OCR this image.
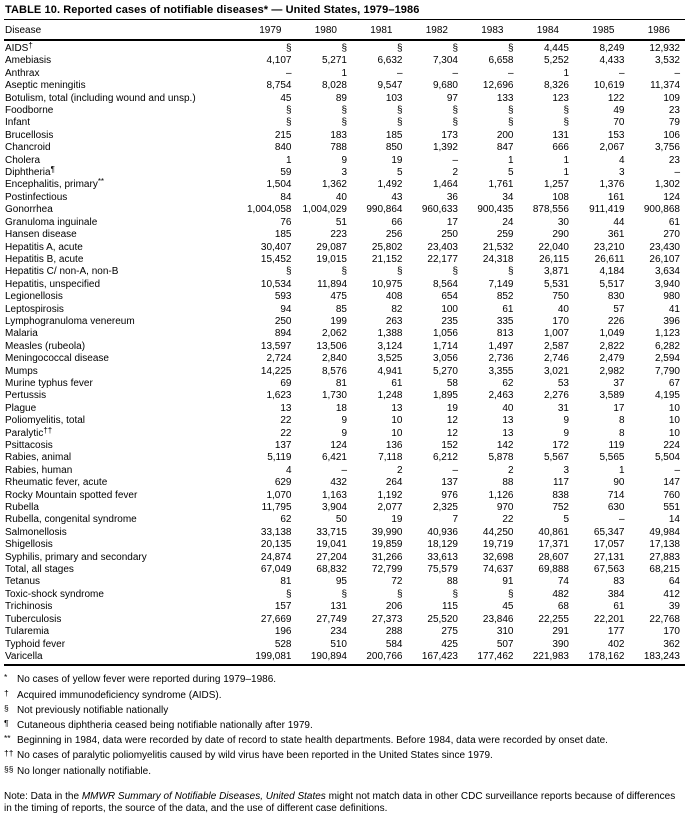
TABLE 10. Reported cases of notifiable diseases* — United States, 1979–1986
Disease	1979	1980	1981	1982	1983	1984	1985	1986
AIDS†	§	§	§	§	§	4,445	8,249	12,932
Amebiasis	4,107	5,271	6,632	7,304	6,658	5,252	4,433	3,532
Anthrax	–	1	–	–	–	1	–	–
Aseptic meningitis	8,754	8,028	9,547	9,680	12,696	8,326	10,619	11,374
Botulism, total (including wound and unsp.)	45	89	103	97	133	123	122	109
Foodborne	§	§	§	§	§	§	49	23
Infant	§	§	§	§	§	§	70	79
Brucellosis	215	183	185	173	200	131	153	106
Chancroid	840	788	850	1,392	847	666	2,067	3,756
Cholera	1	9	19	–	1	1	4	23
Diphtheria¶	59	3	5	2	5	1	3	–
Encephalitis, primary**	1,504	1,362	1,492	1,464	1,761	1,257	1,376	1,302
Postinfectious	84	40	43	36	34	108	161	124
Gonorrhea	1,004,058	1,004,029	990,864	960,633	900,435	878,556	911,419	900,868
Granuloma inguinale	76	51	66	17	24	30	44	61
Hansen disease	185	223	256	250	259	290	361	270
Hepatitis A, acute	30,407	29,087	25,802	23,403	21,532	22,040	23,210	23,430
Hepatitis B, acute	15,452	19,015	21,152	22,177	24,318	26,115	26,611	26,107
Hepatitis C/ non-A, non-B	§	§	§	§	§	3,871	4,184	3,634
Hepatitis, unspecified	10,534	11,894	10,975	8,564	7,149	5,531	5,517	3,940
Legionellosis	593	475	408	654	852	750	830	980
Leptospirosis	94	85	82	100	61	40	57	41
Lymphogranuloma venereum	250	199	263	235	335	170	226	396
Malaria	894	2,062	1,388	1,056	813	1,007	1,049	1,123
Measles (rubeola)	13,597	13,506	3,124	1,714	1,497	2,587	2,822	6,282
Meningococcal disease	2,724	2,840	3,525	3,056	2,736	2,746	2,479	2,594
Mumps	14,225	8,576	4,941	5,270	3,355	3,021	2,982	7,790
Murine typhus fever	69	81	61	58	62	53	37	67
Pertussis	1,623	1,730	1,248	1,895	2,463	2,276	3,589	4,195
Plague	13	18	13	19	40	31	17	10
Poliomyelitis, total	22	9	10	12	13	9	8	10
Paralytic††	22	9	10	12	13	9	8	10
Psittacosis	137	124	136	152	142	172	119	224
Rabies, animal	5,119	6,421	7,118	6,212	5,878	5,567	5,565	5,504
Rabies, human	4	–	2	–	2	3	1	–
Rheumatic fever, acute	629	432	264	137	88	117	90	147
Rocky Mountain spotted fever	1,070	1,163	1,192	976	1,126	838	714	760
Rubella	11,795	3,904	2,077	2,325	970	752	630	551
Rubella, congenital syndrome	62	50	19	7	22	5	–	14
Salmonellosis	33,138	33,715	39,990	40,936	44,250	40,861	65,347	49,984
Shigellosis	20,135	19,041	19,859	18,129	19,719	17,371	17,057	17,138
Syphilis, primary and secondary	24,874	27,204	31,266	33,613	32,698	28,607	27,131	27,883
Total, all stages	67,049	68,832	72,799	75,579	74,637	69,888	67,563	68,215
Tetanus	81	95	72	88	91	74	83	64
Toxic-shock syndrome	§	§	§	§	§	482	384	412
Trichinosis	157	131	206	115	45	68	61	39
Tuberculosis	27,669	27,749	27,373	25,520	23,846	22,255	22,201	22,768
Tularemia	196	234	288	275	310	291	177	170
Typhoid fever	528	510	584	425	507	390	402	362
Varicella	199,081	190,894	200,766	167,423	177,462	221,983	178,162	183,243
* No cases of yellow fever were reported during 1979–1986.
† Acquired immunodeficiency syndrome (AIDS).
§ Not previously notifiable nationally
¶ Cutaneous diphtheria ceased being notifiable nationally after 1979.
** Beginning in 1984, data were recorded by date of record to state health departments. Before 1984, data were recorded by onset date.
†† No cases of paralytic poliomyelitis caused by wild virus have been reported in the United States since 1979.
§§ No longer nationally notifiable.

Note: Data in the MMWR Summary of Notifiable Diseases, United States might not match data in other CDC surveillance reports because of differences in the timing of reports, the source of the data, and the use of different case definitions.
